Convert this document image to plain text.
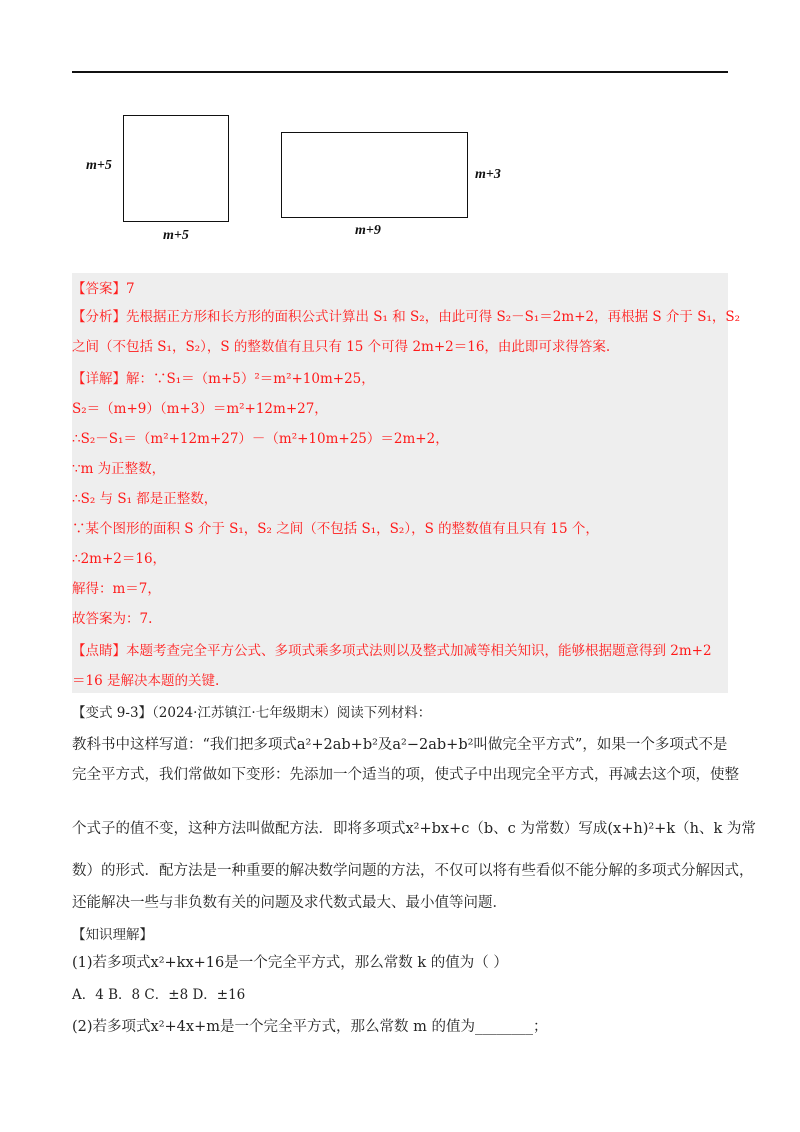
m+5
m+5
m+3
m+9
【答案】7
【分析】先根据正方形和长方形的面积公式计算出 S₁ 和 S₂，由此可得 S₂－S₁＝2m+2，再根据 S 介于 S₁，S₂
之间（不包括 S₁，S₂），S 的整数值有且只有 15 个可得 2m+2＝16，由此即可求得答案.
【详解】解：∵S₁＝（m+5）²＝m²+10m+25，
S₂＝（m+9）（m+3）＝m²+12m+27，
∴S₂－S₁＝（m²+12m+27）－（m²+10m+25）＝2m+2，
∵m 为正整数，
∴S₂ 与 S₁ 都是正整数，
∵某个图形的面积 S 介于 S₁，S₂ 之间（不包括 S₁，S₂），S 的整数值有且只有 15 个，
∴2m+2＝16，
解得：m＝7，
故答案为：7.
【点睛】本题考查完全平方公式、多项式乘多项式法则以及整式加减等相关知识，能够根据题意得到 2m+2
＝16 是解决本题的关键.
【变式 9-3】（2024·江苏镇江·七年级期末）阅读下列材料：
教科书中这样写道：“我们把多项式a²+2ab+b²及a²−2ab+b²叫做完全平方式”，如果一个多项式不是
完全平方式，我们常做如下变形：先添加一个适当的项，使式子中出现完全平方式，再减去这个项，使整
个式子的值不变，这种方法叫做配方法．即将多项式x²+bx+c（b、c 为常数）写成(x+h)²+k（h、k 为常
数）的形式．配方法是一种重要的解决数学问题的方法，不仅可以将有些看似不能分解的多项式分解因式，
还能解决一些与非负数有关的问题及求代数式最大、最小值等问题．
【知识理解】
(1)若多项式x²+kx+16是一个完全平方式，那么常数 k 的值为（ ）
A．4 B．8 C．±8 D．±16
(2)若多项式x²+4x+m是一个完全平方式，那么常数 m 的值为________；
